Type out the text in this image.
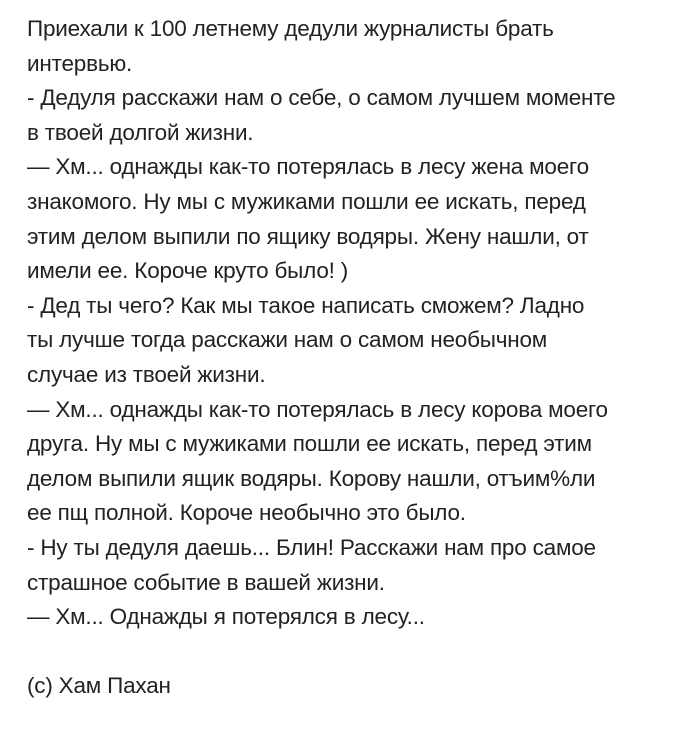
Приехали к 100 летнему дедули журналисты брать
интервью.
- Дедуля расскажи нам о себе, о самом лучшем моменте
в твоей долгой жизни.
— Хм... однажды как-то потерялась в лесу жена моего
знакомого. Ну мы с мужиками пошли ее искать, перед
этим делом выпили по ящику водяры. Жену нашли, от
имели ее. Короче круто было! )
- Дед ты чего? Как мы такое написать сможем? Ладно
ты лучше тогда расскажи нам о самом необычном
случае из твоей жизни.
— Хм... однажды как-то потерялась в лесу корова моего
друга. Ну мы с мужиками пошли ее искать, перед этим
делом выпили ящик водяры. Корову нашли, отъим%ли
ее пщ полной. Короче необычно это было.
- Ну ты дедуля даешь... Блин! Расскажи нам про самое
страшное событие в вашей жизни.
— Хм... Однажды я потерялся в лесу...
(с) Хам Пахан
